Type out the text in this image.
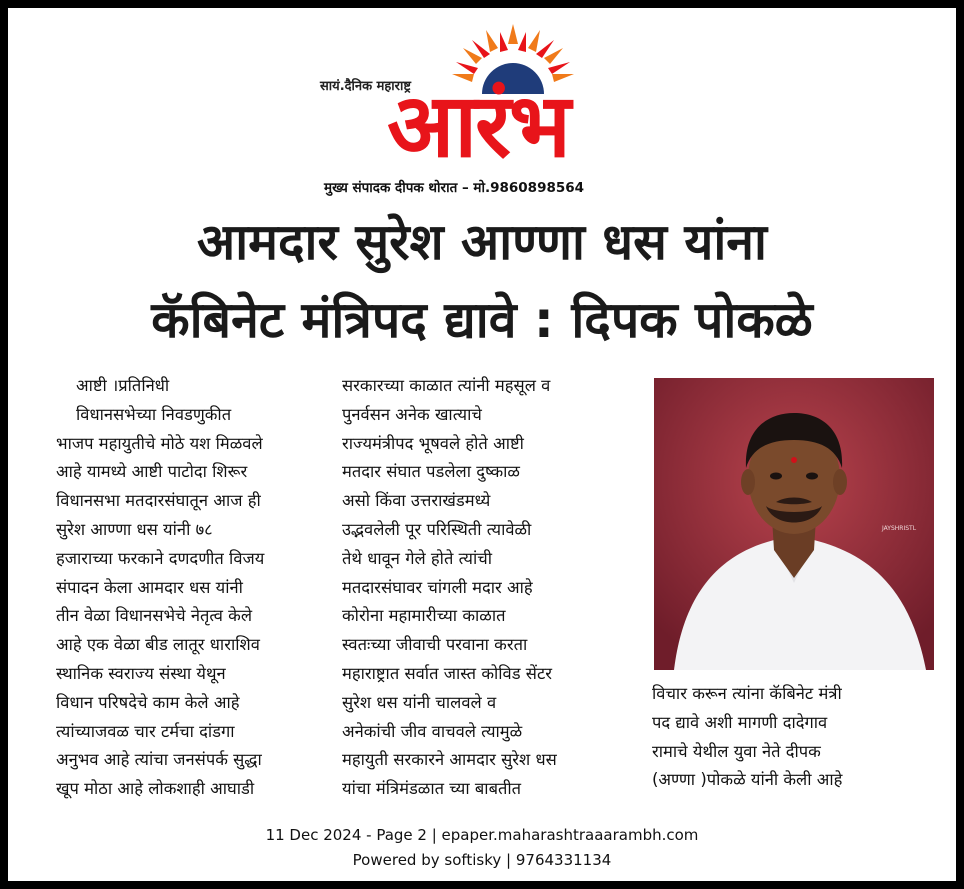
सायं.दैनिक महाराष्ट्र
आरंभ
मुख्य संपादक दीपक थोरात – मो.9860898564
आमदार सुरेश आण्णा धस यांना
कॅबिनेट मंत्रिपद द्यावे : दिपक पोकळे
आष्टी ।प्रतिनिधी
विधानसभेच्या निवडणुकीत
भाजप महायुतीचे मोठे यश मिळवले
आहे यामध्ये आष्टी पाटोदा शिरूर
विधानसभा मतदारसंघातून आज ही
सुरेश आण्णा धस यांनी ७८
हजाराच्या फरकाने दणदणीत विजय
संपादन केला आमदार धस यांनी
तीन वेळा विधानसभेचे नेतृत्व केले
आहे एक वेळा बीड लातूर धाराशिव
स्थानिक स्वराज्य संस्था येथून
विधान परिषदेचे काम केले आहे
त्यांच्याजवळ चार टर्मचा दांडगा
अनुभव आहे त्यांचा जनसंपर्क सुद्धा
खूप मोठा आहे लोकशाही आघाडी
सरकारच्या काळात त्यांनी महसूल व
पुनर्वसन अनेक खात्याचे
राज्यमंत्रीपद भूषवले होते आष्टी
मतदार संघात पडलेला दुष्काळ
असो किंवा उत्तराखंडमध्ये
उद्भवलेली पूर परिस्थिती त्यावेळी
तेथे धावून गेले होते त्यांची
मतदारसंघावर चांगली मदार आहे
कोरोना महामारीच्या काळात
स्वतःच्या जीवाची परवाना करता
महाराष्ट्रात सर्वात जास्त कोविड सेंटर
सुरेश धस यांनी चालवले व
अनेकांची जीव वाचवले त्यामुळे
महायुती सरकारने आमदार सुरेश धस
यांचा मंत्रिमंडळात च्या बाबतीत
JAYSHRISTL
विचार करून त्यांना कॅबिनेट मंत्री
पद द्यावे अशी मागणी दादेगाव
रामाचे येथील युवा नेते दीपक
(अण्णा )पोकळे यांनी केली आहे
11 Dec 2024 - Page 2 | epaper.maharashtraaarambh.com
Powered by softisky | 9764331134
